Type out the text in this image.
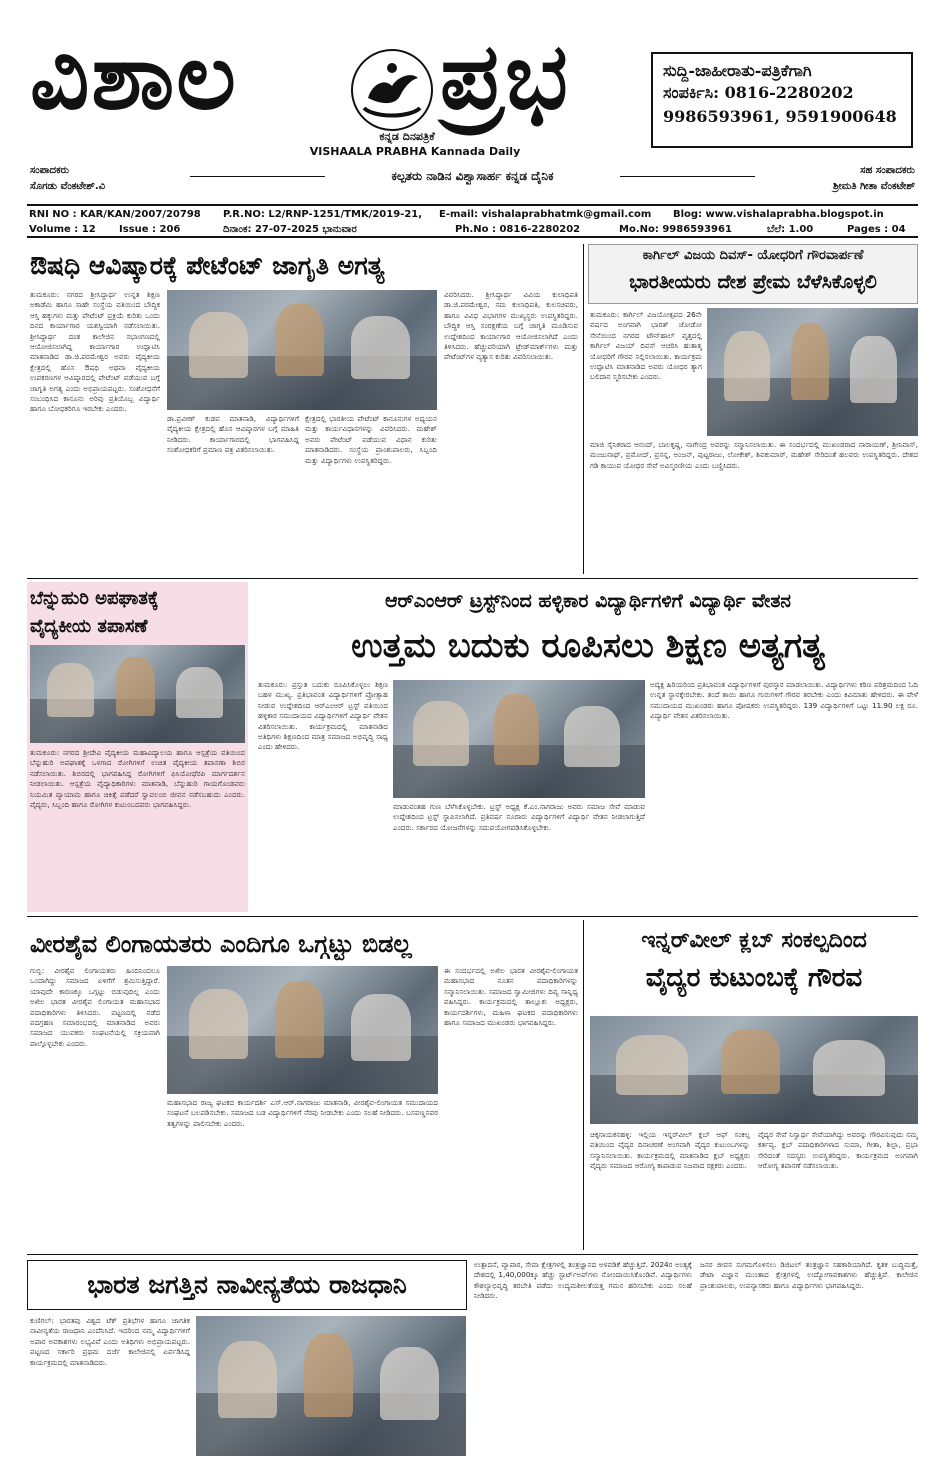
ವಿಶಾಲ ಪ್ರಭ
ಕನ್ನಡ ದಿನಪತ್ರಿಕೆ
VISHAALA PRABHA Kannada Daily
ಸುದ್ದಿ-ಜಾಹೀರಾತು-ಪತ್ರಿಕೆಗಾಗಿ
ಸಂಪರ್ಕಿಸಿ: 0816-2280202
9986593961, 9591900648
ಸಂಪಾದಕರು
ಸೊಗಡು ವೆಂಕಟೇಶ್.ವಿ
ಕಲ್ಪತರು ನಾಡಿನ ವಿಶ್ವಾಸಾರ್ಹ ಕನ್ನಡ ದೈನಿಕ	ಸಹ ಸಂಪಾದಕರು
ಶ್ರೀಮತಿ ಗೀತಾ ವೆಂಕಟೇಶ್
RNI NO : KAR/KAN/2007/20798 P.R.NO: L2/RNP-1251/TMK/2019-21, E-mail: vishalaprabhatmk@gmail.com Blog: www.vishalaprabha.blogspot.in
Volume : 12 Issue : 206	ದಿನಾಂಕ: 27-07-2025 ಭಾನುವಾರ	Ph.No : 0816-2280202	Mo.No: 9986593961	ಬೆಲೆ: 1.00	Pages : 04
ಔಷಧಿ ಆವಿಷ್ಕಾರಕ್ಕೆ ಪೇಟೆಂಟ್ ಜಾಗೃತಿ ಅಗತ್ಯ
ತುಮಕೂರು: ನಗರದ ಶ್ರೀಸಿದ್ಧಾರ್ಥ ಉನ್ನತ ಶಿಕ್ಷಣ ಅಕಾಡೆಮಿ ಹಾಗೂ ಸಾಹೇ ಸಂಸ್ಥೆಯ ವತಿಯಿಂದ ಬೌದ್ಧಿಕ ಆಸ್ತಿ ಹಕ್ಕುಗಳು ಮತ್ತು ಪೇಟೆಂಟ್ ಪ್ರಕ್ರಿಯೆ ಕುರಿತು ಒಂದು ದಿನದ ಕಾರ್ಯಾಗಾರ ಯಶಸ್ವಿಯಾಗಿ ನಡೆಸಲಾಯಿತು. ಶ್ರೀಸಿದ್ಧಾರ್ಥ ದಂತ ಕಾಲೇಜಿನ ಸಭಾಂಗಣದಲ್ಲಿ ಆಯೋಜಿಸಲಾಗಿದ್ದ ಕಾರ್ಯಾಗಾರ ಉದ್ಘಾಟಿಸಿ ಮಾತನಾಡಿದ ಡಾ.ಜಿ.ಪರಮೇಶ್ವರ ಅವರು ವೈದ್ಯಕೀಯ ಕ್ಷೇತ್ರದಲ್ಲಿ ಹೊಸ ಔಷಧಿ ಅಥವಾ ವೈದ್ಯಕೀಯ ಉಪಕರಣಗಳ ಆವಿಷ್ಕಾರದಲ್ಲಿ ಪೇಟೆಂಟ್ ಪಡೆಯುವ ಬಗ್ಗೆ ಜಾಗೃತಿ ಅಗತ್ಯ ಎಂದು ಅಭಿಪ್ರಾಯಪಟ್ಟರು. ಸಂಶೋಧನೆಗೆ ಸಂಬಂಧಿಸಿದ ಕಾನೂನು ಅರಿವು ಪ್ರತಿಯೊಬ್ಬ ವಿದ್ಯಾರ್ಥಿ ಹಾಗೂ ಬೋಧಕರಿಗೂ ಇರಬೇಕು ಎಂದರು.
ಡಾ.ಪ್ರವೀಣ್ ಕುಡವ ಮಾತನಾಡಿ, ವಿದ್ಯಾರ್ಥಿಗಳಿಗೆ ವೈದ್ಯಕೀಯ ಕ್ಷೇತ್ರದಲ್ಲಿ ಹೊಸ ಆವಿಷ್ಕಾರಗಳ ಬಗ್ಗೆ ಮಾಹಿತಿ ನೀಡಿದರು. ಕಾರ್ಯಾಗಾರದಲ್ಲಿ ಭಾಗವಹಿಸಿದ್ದ ಸಂಶೋಧಕರಿಗೆ ಪ್ರಮಾಣ ಪತ್ರ ವಿತರಿಸಲಾಯಿತು.
ಕ್ಷೇತ್ರದಲ್ಲಿ ಭಾರತೀಯ ಪೇಟೆಂಟ್ ಕಾನೂನುಗಳ ಅಧ್ಯಯನ ಮತ್ತು ಕಾರ್ಯವಿಧಾನಗಳನ್ನು ವಿವರಿಸಿದರು. ಮಹೇಶ್ ಅವರು ಪೇಟೆಂಟ್ ಪಡೆಯುವ ವಿಧಾನ ಕುರಿತು ಮಾತನಾಡಿದರು. ಸಂಸ್ಥೆಯ ಪ್ರಾಂಶುಪಾಲರು, ಸಿಬ್ಬಂದಿ ಮತ್ತು ವಿದ್ಯಾರ್ಥಿಗಳು ಉಪಸ್ಥಿತರಿದ್ದರು.
ವಿವರಿಸಿದರು. ಶ್ರೀಸಿದ್ಧಾರ್ಥ ವಿವಿಯ ಕುಲಾಧಿಪತಿ ಡಾ.ಜಿ.ಪರಮೇಶ್ವರ, ಸಮ ಕುಲಾಧಿಪತಿ, ಕುಲಸಚಿವರು, ಹಾಗೂ ವಿವಿಧ ವಿಭಾಗಗಳ ಮುಖ್ಯಸ್ಥರು ಉಪಸ್ಥಿತರಿದ್ದರು. ಬೌದ್ಧಿಕ ಆಸ್ತಿ ಸಂರಕ್ಷಣೆಯ ಬಗ್ಗೆ ಜಾಗೃತಿ ಮೂಡಿಸುವ ಉದ್ದೇಶದಿಂದ ಕಾರ್ಯಾಗಾರ ಆಯೋಜಿಸಲಾಗಿದೆ ಎಂದು ತಿಳಿಸಿದರು. ಹೆಚ್ಚುವರಿಯಾಗಿ ಟ್ರೇಡ್‌ಮಾರ್ಕ್‌ಗಳು ಮತ್ತು ಪೇಟೆಂಟ್‌ಗಳ ವ್ಯತ್ಯಾಸ ಕುರಿತು ವಿವರಿಸಲಾಯಿತು.
ಕಾರ್ಗಿಲ್ ವಿಜಯ ದಿವಸ್- ಯೋಧರಿಗೆ ಗೌರವಾರ್ಪಣೆ
ಭಾರತೀಯರು ದೇಶ ಪ್ರೇಮ ಬೆಳೆಸಿಕೊಳ್ಳಲಿ
ತುಮಕೂರು: ಕಾರ್ಗಿಲ್ ವಿಜಯೋತ್ಸವದ 26ನೇ ವರ್ಷದ ಅಂಗವಾಗಿ ಭಾರತ್ ಜೋಡೋ ಸೇನೆಯಿಂದ ನಗರದ ಟೌನ್‌ಹಾಲ್ ವೃತ್ತದಲ್ಲಿ ಕಾರ್ಗಿಲ್ ವಿಜಯ್ ದಿವಸ್ ಆಚರಿಸಿ ಹುತಾತ್ಮ ಯೋಧರಿಗೆ ಗೌರವ ಸಲ್ಲಿಸಲಾಯಿತು. ಕಾರ್ಯಕ್ರಮ ಉದ್ಘಾಟಿಸಿ ಮಾತನಾಡಿದ ಅವರು ಯೋಧರ ತ್ಯಾಗ ಬಲಿದಾನ ಸ್ಮರಿಸಬೇಕು ಎಂದರು.
ಮಾಜಿ ಸೈನಿಕರಾದ ಆನಂದ್, ಬಾಲಕೃಷ್ಣ, ನಾಗೇಂದ್ರ ಅವರನ್ನು ಸನ್ಮಾನಿಸಲಾಯಿತು. ಈ ಸಂದರ್ಭದಲ್ಲಿ ಮುಖಂಡರಾದ ನಾರಾಯಣ್, ಶ್ರೀನಿವಾಸ್, ಮಂಜುನಾಥ್, ಪ್ರಮೋದ್, ಪ್ರಸನ್ನ, ಅಂಜನ್, ಪುಟ್ಟರಾಜು, ಲೋಕೇಶ್, ಶಿವಕುಮಾರ್, ಮಹೇಶ್ ಸೇರಿದಂತೆ ಹಲವರು ಉಪಸ್ಥಿತರಿದ್ದರು. ದೇಶದ ಗಡಿ ಕಾಯುವ ಯೋಧರ ಸೇವೆ ಅವಿಸ್ಮರಣೀಯ ಎಂದು ಬಣ್ಣಿಸಿದರು.
ಬೆನ್ನುಹುರಿ ಅಪಘಾತಕ್ಕೆ
ವೈದ್ಯಕೀಯ ತಪಾಸಣೆ
ತುಮಕೂರು: ನಗರದ ಶ್ರೀದೇವಿ ವೈದ್ಯಕೀಯ ಮಹಾವಿದ್ಯಾಲಯ ಹಾಗೂ ಆಸ್ಪತ್ರೆಯ ವತಿಯಿಂದ ಬೆನ್ನುಹುರಿ ಅಪಘಾತಕ್ಕೆ ಒಳಗಾದ ರೋಗಿಗಳಿಗೆ ಉಚಿತ ವೈದ್ಯಕೀಯ ತಪಾಸಣಾ ಶಿಬಿರ ನಡೆಸಲಾಯಿತು. ಶಿಬಿರದಲ್ಲಿ ಭಾಗವಹಿಸಿದ್ದ ರೋಗಿಗಳಿಗೆ ಫಿಸಿಯೋಥೆರಪಿ ಮಾರ್ಗದರ್ಶನ ನೀಡಲಾಯಿತು. ಆಸ್ಪತ್ರೆಯ ವೈದ್ಯಾಧಿಕಾರಿಗಳು ಮಾತನಾಡಿ, ಬೆನ್ನುಹುರಿ ಗಾಯಗೊಂಡವರು ನಿಯಮಿತ ವ್ಯಾಯಾಮ ಹಾಗೂ ಚಿಕಿತ್ಸೆ ಪಡೆದರೆ ಸ್ವಾವಲಂಬಿ ಜೀವನ ನಡೆಸಬಹುದು ಎಂದರು. ವೈದ್ಯರು, ಸಿಬ್ಬಂದಿ ಹಾಗೂ ರೋಗಿಗಳ ಕುಟುಂಬದವರು ಭಾಗವಹಿಸಿದ್ದರು.
ಆರ್‌ಎಂಆರ್ ಟ್ರಸ್ಟ್‌ನಿಂದ ಹಳ್ಳಿಕಾರ ವಿದ್ಯಾರ್ಥಿಗಳಿಗೆ ವಿದ್ಯಾರ್ಥಿ ವೇತನ
ಉತ್ತಮ ಬದುಕು ರೂಪಿಸಲು ಶಿಕ್ಷಣ ಅತ್ಯಗತ್ಯ
ತುಮಕೂರು: ಪ್ರಸ್ತುತ ಬದುಕು ರೂಪಿಸಿಕೊಳ್ಳಲು ಶಿಕ್ಷಣ ಬಹಳ ಮುಖ್ಯ. ಪ್ರತಿಭಾವಂತ ವಿದ್ಯಾರ್ಥಿಗಳಿಗೆ ಪ್ರೋತ್ಸಾಹ ನೀಡುವ ಉದ್ದೇಶದಿಂದ ಆರ್‌ಎಂಆರ್ ಟ್ರಸ್ಟ್ ವತಿಯಿಂದ ಹಳ್ಳಿಕಾರ ಸಮುದಾಯದ ವಿದ್ಯಾರ್ಥಿಗಳಿಗೆ ವಿದ್ಯಾರ್ಥಿ ವೇತನ ವಿತರಿಸಲಾಯಿತು. ಕಾರ್ಯಕ್ರಮದಲ್ಲಿ ಮಾತನಾಡಿದ ಅತಿಥಿಗಳು ಶಿಕ್ಷಣದಿಂದ ಮಾತ್ರ ಸಮಾಜದ ಅಭಿವೃದ್ಧಿ ಸಾಧ್ಯ ಎಂದು ಹೇಳಿದರು.
ಮಾಡುವಂತಹ ಗುಣ ಬೆಳೆಸಿಕೊಳ್ಳಬೇಕು. ಟ್ರಸ್ಟ್ ಅಧ್ಯಕ್ಷ ಕೆ.ಎಂ.ನಾಗರಾಜು ಅವರು ಸಮಾಜ ಸೇವೆ ಮಾಡುವ ಉದ್ದೇಶದಿಂದ ಟ್ರಸ್ಟ್ ಸ್ಥಾಪಿಸಲಾಗಿದೆ. ಪ್ರತಿವರ್ಷ ನೂರಾರು ವಿದ್ಯಾರ್ಥಿಗಳಿಗೆ ವಿದ್ಯಾರ್ಥಿ ವೇತನ ನೀಡಲಾಗುತ್ತಿದೆ ಎಂದರು. ಸರ್ಕಾರದ ಯೋಜನೆಗಳನ್ನು ಸದುಪಯೋಗಪಡಿಸಿಕೊಳ್ಳಬೇಕು.
ಅದ್ಯಕ್ಷ ಹಿರಿಯರಿಂದ ಪ್ರತಿಭಾವಂತ ವಿದ್ಯಾರ್ಥಿಗಳಿಗೆ ಪುರಸ್ಕಾರ ಮಾಡಲಾಯಿತು. ವಿದ್ಯಾರ್ಥಿಗಳು ಕಠಿಣ ಪರಿಶ್ರಮದಿಂದ ಓದಿ ಉನ್ನತ ಸ್ಥಾನಕ್ಕೇರಬೇಕು. ತಂದೆ ತಾಯಿ ಹಾಗೂ ಗುರುಗಳಿಗೆ ಗೌರವ ತರಬೇಕು ಎಂದು ಕಿವಿಮಾತು ಹೇಳಿದರು. ಈ ವೇಳೆ ಸಮುದಾಯದ ಮುಖಂಡರು ಹಾಗೂ ಪೋಷಕರು ಉಪಸ್ಥಿತರಿದ್ದರು. 139 ವಿದ್ಯಾರ್ಥಿಗಳಿಗೆ ಒಟ್ಟು 11.90 ಲಕ್ಷ ರೂ. ವಿದ್ಯಾರ್ಥಿ ವೇತನ ವಿತರಿಸಲಾಯಿತು.
ವೀರಶೈವ ಲಿಂಗಾಯತರು ಎಂದಿಗೂ ಒಗ್ಗಟ್ಟು ಬಿಡಲ್ಲ
ಗುಬ್ಬಿ: ವೀರಶೈವ ಲಿಂಗಾಯತರು ಹಿಂದಿನಿಂದಲೂ ಒಂದಾಗಿದ್ದು ಸಮಾಜದ ಏಳಿಗೆಗೆ ಶ್ರಮಿಸುತ್ತಿದ್ದಾರೆ. ಯಾವುದೇ ಕಾರಣಕ್ಕೂ ಒಗ್ಗಟ್ಟು ಬಿಡುವುದಿಲ್ಲ ಎಂದು ಅಖಿಲ ಭಾರತ ವೀರಶೈವ ಲಿಂಗಾಯತ ಮಹಾಸಭಾದ ಪದಾಧಿಕಾರಿಗಳು ತಿಳಿಸಿದರು. ಪಟ್ಟಣದಲ್ಲಿ ನಡೆದ ಪದಗ್ರಹಣ ಸಮಾರಂಭದಲ್ಲಿ ಮಾತನಾಡಿದ ಅವರು ಸಮಾಜದ ಯುವಕರು ಸಂಘಟನೆಯಲ್ಲಿ ಸಕ್ರಿಯವಾಗಿ ಪಾಲ್ಗೊಳ್ಳಬೇಕು ಎಂದರು.
ಮಹಾಸಭಾದ ರಾಜ್ಯ ಘಟಕದ ಕಾರ್ಯದರ್ಶಿ ಎಸ್.ಆರ್.ನಾಗರಾಜು ಮಾತನಾಡಿ, ವೀರಶೈವ-ಲಿಂಗಾಯತ ಸಮುದಾಯದ ಸಂಘಟನೆ ಬಲಪಡಿಸಬೇಕು. ಸಮಾಜದ ಬಡ ವಿದ್ಯಾರ್ಥಿಗಳಿಗೆ ನೆರವು ನೀಡಬೇಕು ಎಂದು ಸಲಹೆ ನೀಡಿದರು. ಬಸವಣ್ಣನವರ ತತ್ವಗಳನ್ನು ಪಾಲಿಸಬೇಕು ಎಂದರು.
ಈ ಸಂದರ್ಭದಲ್ಲಿ ಅಖಿಲ ಭಾರತ ವೀರಶೈವ-ಲಿಂಗಾಯತ ಮಹಾಸಭಾದ ನೂತನ ಪದಾಧಿಕಾರಿಗಳನ್ನು ಸನ್ಮಾನಿಸಲಾಯಿತು. ಸಮಾಜದ ಸ್ವಾಮೀಜಿಗಳು ದಿವ್ಯ ಸಾನ್ನಿಧ್ಯ ವಹಿಸಿದ್ದರು. ಕಾರ್ಯಕ್ರಮದಲ್ಲಿ ತಾಲ್ಲೂಕು ಅಧ್ಯಕ್ಷರು, ಕಾರ್ಯದರ್ಶಿಗಳು, ಮಹಿಳಾ ಘಟಕದ ಪದಾಧಿಕಾರಿಗಳು ಹಾಗೂ ಸಮಾಜದ ಮುಖಂಡರು ಭಾಗವಹಿಸಿದ್ದರು.
ಇನ್ನರ್‌ವೀಲ್ ಕ್ಲಬ್ ಸಂಕಲ್ಪದಿಂದ
ವೈದ್ಯರ ಕುಟುಂಬಕ್ಕೆ ಗೌರವ
ಚಿಕ್ಕನಾಯಕನಹಳ್ಳಿ: ಇಲ್ಲಿಯ ಇನ್ನರ್‌ವೀಲ್ ಕ್ಲಬ್ ಆಫ್ ಸಂಕಲ್ಪ ವತಿಯಿಂದ ವೈದ್ಯರ ದಿನಾಚರಣೆ ಅಂಗವಾಗಿ ವೈದ್ಯರ ಕುಟುಂಬಗಳನ್ನು ಸನ್ಮಾನಿಸಲಾಯಿತು. ಕಾರ್ಯಕ್ರಮದಲ್ಲಿ ಮಾತನಾಡಿದ ಕ್ಲಬ್ ಅಧ್ಯಕ್ಷರು ವೈದ್ಯರು ಸಮಾಜದ ಆರೋಗ್ಯ ಕಾಪಾಡುವ ನಿಜವಾದ ರಕ್ಷಕರು ಎಂದರು.
ವೈದ್ಯರ ಸೇವೆ ನಿಸ್ವಾರ್ಥ ಸೇವೆಯಾಗಿದ್ದು ಅವರನ್ನು ಗೌರವಿಸುವುದು ನಮ್ಮ ಕರ್ತವ್ಯ. ಕ್ಲಬ್ ಪದಾಧಿಕಾರಿಗಳಾದ ಸುಮಾ, ಗೀತಾ, ಶಿಲ್ಪಾ, ಪ್ರಭಾ ಸೇರಿದಂತೆ ಸದಸ್ಯರು ಉಪಸ್ಥಿತರಿದ್ದರು. ಕಾರ್ಯಕ್ರಮದ ಅಂಗವಾಗಿ ಆರೋಗ್ಯ ತಪಾಸಣೆ ನಡೆಸಲಾಯಿತು.
ಭಾರತ ಜಗತ್ತಿನ ನಾವೀನ್ಯತೆಯ ರಾಜಧಾನಿ
ಕುಣಿಗಲ್: ಭಾರತವು ವಿಶ್ವದ ಟೆಕ್ ಪ್ರತಿಭೆಗಳ ಹಾಗೂ ಜಾಗತಿಕ ನಾವೀನ್ಯತೆಯ ರಾಜಧಾನಿ ಎಂದೆನಿಸಿದೆ. ಇದರಿಂದ ನಮ್ಮ ವಿದ್ಯಾರ್ಥಿಗಳಿಗೆ ಅಪಾರ ಅವಕಾಶಗಳು ಲಭ್ಯವಿವೆ ಎಂದು ಅತಿಥಿಗಳು ಅಭಿಪ್ರಾಯಪಟ್ಟರು. ಪಟ್ಟಣದ ಸರ್ಕಾರಿ ಪ್ರಥಮ ದರ್ಜೆ ಕಾಲೇಜಿನಲ್ಲಿ ಏರ್ಪಡಿಸಿದ್ದ ಕಾರ್ಯಕ್ರಮದಲ್ಲಿ ಮಾತನಾಡಿದರು.
ಉತ್ಪಾದನೆ, ವ್ಯಾಪಾರ, ಸೇವಾ ಕ್ಷೇತ್ರಗಳಲ್ಲಿ ತಂತ್ರಜ್ಞಾನದ ಅಳವಡಿಕೆ ಹೆಚ್ಚುತ್ತಿದೆ. 2024ರ ಅಂತ್ಯಕ್ಕೆ ದೇಶದಲ್ಲಿ 1,40,000ಕ್ಕೂ ಹೆಚ್ಚು ಸ್ಟಾರ್ಟ್‌ಅಪ್‌ಗಳು ನೋಂದಾಯಿಸಿಕೊಂಡಿವೆ. ವಿದ್ಯಾರ್ಥಿಗಳು ಕೌಶಲ್ಯಾಭಿವೃದ್ಧಿ ತರಬೇತಿ ಪಡೆದು ಉದ್ಯಮಶೀಲತೆಯತ್ತ ಗಮನ ಹರಿಸಬೇಕು ಎಂದು ಸಲಹೆ ನೀಡಿದರು.
ಜನರ ಜೀವನ ಸುಗಮಗೊಳಿಸಲು ಡಿಜಿಟಲ್ ತಂತ್ರಜ್ಞಾನ ಸಹಕಾರಿಯಾಗಿದೆ. ಕೃತಕ ಬುದ್ಧಿಮತ್ತೆ, ಡೇಟಾ ವಿಜ್ಞಾನ ಮುಂತಾದ ಕ್ಷೇತ್ರಗಳಲ್ಲಿ ಉದ್ಯೋಗಾವಕಾಶಗಳು ಹೆಚ್ಚುತ್ತಿವೆ. ಕಾಲೇಜಿನ ಪ್ರಾಂಶುಪಾಲರು, ಉಪನ್ಯಾಸಕರು ಹಾಗೂ ವಿದ್ಯಾರ್ಥಿಗಳು ಭಾಗವಹಿಸಿದ್ದರು.
